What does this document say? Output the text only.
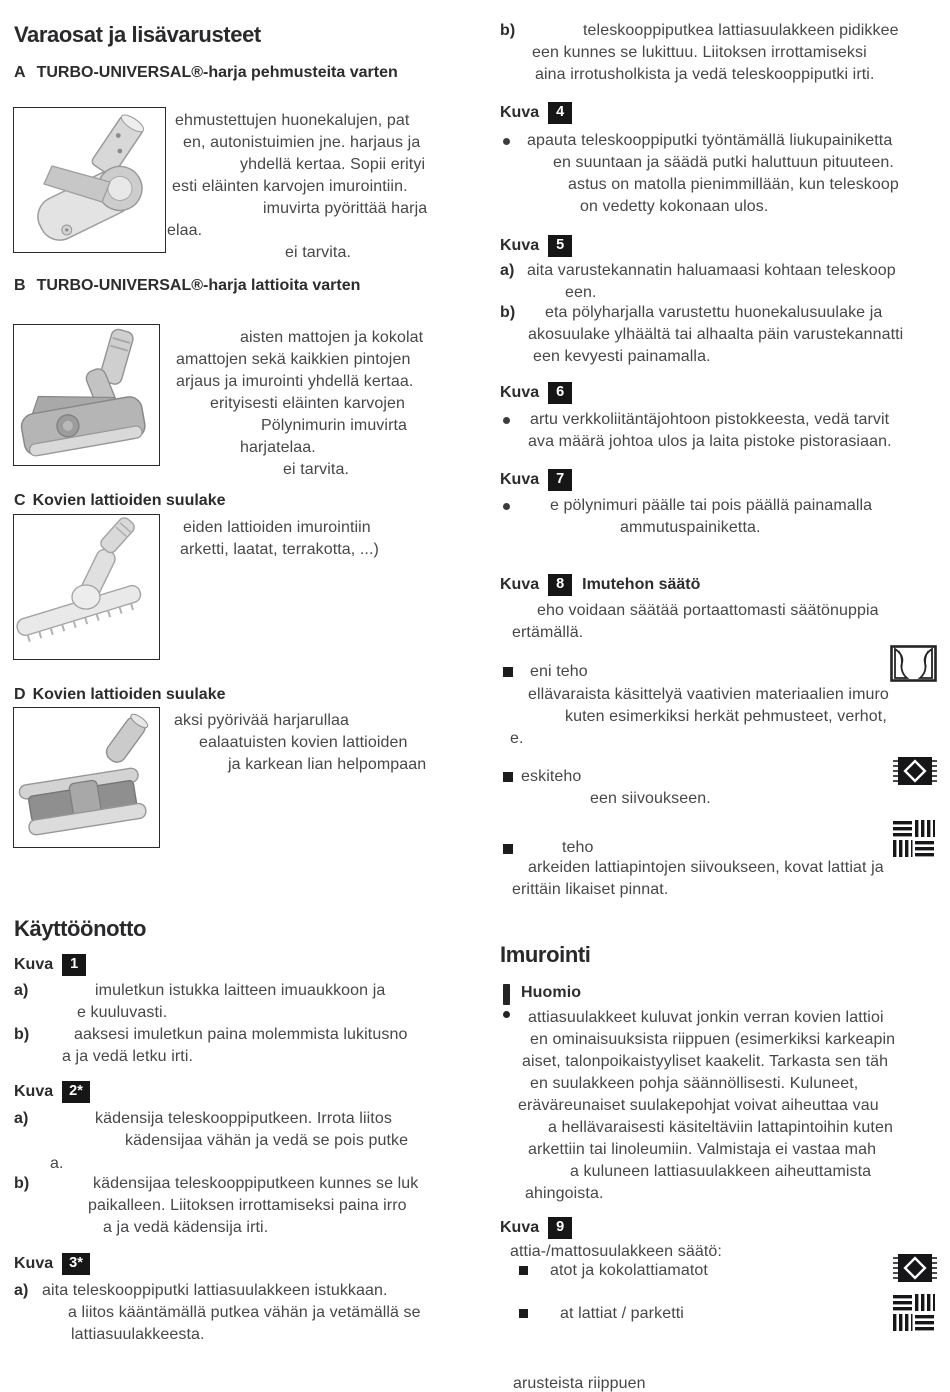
Varaosat ja lisävarusteet
A TURBO-UNIVERSAL®-harja pehmusteita varten
ehmustettujen huonekalujen, pat
en, autonistuimien jne. harjaus ja
yhdellä kertaa. Sopii erityi
esti eläinten karvojen imurointiin.
imuvirta pyörittää harja
elaa.
ei tarvita.
B TURBO-UNIVERSAL®-harja lattioita varten
aisten mattojen ja kokolat
amattojen sekä kaikkien pintojen
arjaus ja imurointi yhdellä kertaa.
erityisesti eläinten karvojen
Pölynimurin imuvirta
harjatelaa.
ei tarvita.
C Kovien lattioiden suulake
eiden lattioiden imurointiin
arketti, laatat, terrakotta, ...)
D Kovien lattioiden suulake
aksi pyörivää harjarullaa
ealaatuisten kovien lattioiden
ja karkean lian helpompaan
Käyttöönotto
Kuva	1
a)	imuletkun istukka laitteen imuaukkoon ja
e kuuluvasti.
b)	aaksesi imuletkun paina molemmista lukitusno
a ja vedä letku irti.
Kuva	2*
a)	kädensija teleskooppiputkeen. Irrota liitos
kädensijaa vähän ja vedä se pois putke
a.
b)	kädensijaa teleskooppiputkeen kunnes se luk
paikalleen. Liitoksen irrottamiseksi paina irro
a ja vedä kädensija irti.
Kuva	3*
a) aita teleskooppiputki lattiasuulakkeen istukkaan.
a liitos kääntämällä putkea vähän ja vetämällä se
lattiasuulakkeesta.
b)	teleskooppiputkea lattiasuulakkeen pidikkee
een kunnes se lukittuu. Liitoksen irrottamiseksi
aina irrotusholkista ja vedä teleskooppiputki irti.
Kuva	4
apauta teleskooppiputki työntämällä liukupainiketta
en suuntaan ja säädä putki haluttuun pituuteen.
astus on matolla pienimmillään, kun teleskoop
on vedetty kokonaan ulos.
Kuva	5
a) aita varustekannatin haluamaasi kohtaan teleskoop
een.
b) eta pölyharjalla varustettu huonekalusuulake ja
akosuulake ylhäältä tai alhaalta päin varustekannatti
een kevyesti painamalla.
Kuva	6
artu verkkoliitäntäjohtoon pistokkeesta, vedä tarvit
ava määrä johtoa ulos ja laita pistoke pistorasiaan.
Kuva	7
e pölynimuri päälle tai pois päällä painamalla
ammutuspainiketta.
Kuva	8	Imutehon säätö
eho voidaan säätää portaattomasti säätönuppia
ertämällä.
eni teho
ellävaraista käsittelyä vaativien materiaalien imuro
kuten esimerkiksi herkät pehmusteet, verhot,
e.
eskiteho
een siivoukseen.
teho
arkeiden lattiapintojen siivoukseen, kovat lattiat ja
erittäin likaiset pinnat.
Imurointi
Huomio
attiasuulakkeet kuluvat jonkin verran kovien lattioi
en ominaisuuksista riippuen (esimerkiksi karkeapin
aiset, talonpoikaistyyliset kaakelit. Tarkasta sen täh
en suulakkeen pohja säännöllisesti. Kuluneet,
eräväreunaiset suulakepohjat voivat aiheuttaa vau
a hellävaraisesti käsiteltäviin lattapintoihin kuten
arkettiin tai linoleumiin. Valmistaja ei vastaa mah
a kuluneen lattiasuulakkeen aiheuttamista
ahingoista.
Kuva	9
attia-/mattosuulakkeen säätö:
atot ja kokolattiamatot
at lattiat / parketti
arusteista riippuen
